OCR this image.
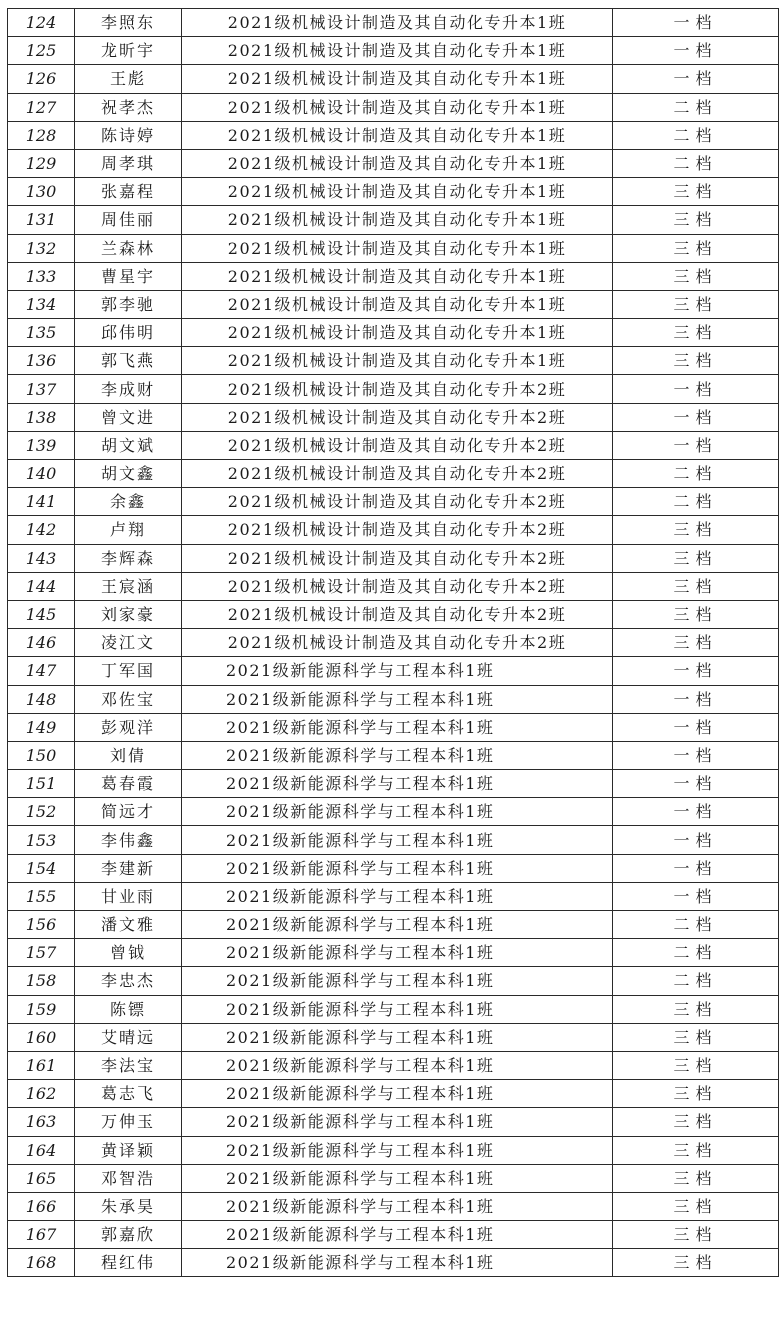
124	李照东	2021级机械设计制造及其自动化专升本1班	一档
125	龙昕宇	2021级机械设计制造及其自动化专升本1班	一档
126	王彪	2021级机械设计制造及其自动化专升本1班	一档
127	祝孝杰	2021级机械设计制造及其自动化专升本1班	二档
128	陈诗婷	2021级机械设计制造及其自动化专升本1班	二档
129	周孝琪	2021级机械设计制造及其自动化专升本1班	二档
130	张嘉程	2021级机械设计制造及其自动化专升本1班	三档
131	周佳丽	2021级机械设计制造及其自动化专升本1班	三档
132	兰森林	2021级机械设计制造及其自动化专升本1班	三档
133	曹星宇	2021级机械设计制造及其自动化专升本1班	三档
134	郭李驰	2021级机械设计制造及其自动化专升本1班	三档
135	邱伟明	2021级机械设计制造及其自动化专升本1班	三档
136	郭飞燕	2021级机械设计制造及其自动化专升本1班	三档
137	李成财	2021级机械设计制造及其自动化专升本2班	一档
138	曾文进	2021级机械设计制造及其自动化专升本2班	一档
139	胡文斌	2021级机械设计制造及其自动化专升本2班	一档
140	胡文鑫	2021级机械设计制造及其自动化专升本2班	二档
141	余鑫	2021级机械设计制造及其自动化专升本2班	二档
142	卢翔	2021级机械设计制造及其自动化专升本2班	三档
143	李辉森	2021级机械设计制造及其自动化专升本2班	三档
144	王宸涵	2021级机械设计制造及其自动化专升本2班	三档
145	刘家豪	2021级机械设计制造及其自动化专升本2班	三档
146	凌江文	2021级机械设计制造及其自动化专升本2班	三档
147	丁军国	2021级新能源科学与工程本科1班	一档
148	邓佐宝	2021级新能源科学与工程本科1班	一档
149	彭观洋	2021级新能源科学与工程本科1班	一档
150	刘倩	2021级新能源科学与工程本科1班	一档
151	葛春霞	2021级新能源科学与工程本科1班	一档
152	简远才	2021级新能源科学与工程本科1班	一档
153	李伟鑫	2021级新能源科学与工程本科1班	一档
154	李建新	2021级新能源科学与工程本科1班	一档
155	甘业雨	2021级新能源科学与工程本科1班	一档
156	潘文雅	2021级新能源科学与工程本科1班	二档
157	曾钺	2021级新能源科学与工程本科1班	二档
158	李忠杰	2021级新能源科学与工程本科1班	二档
159	陈镖	2021级新能源科学与工程本科1班	三档
160	艾晴远	2021级新能源科学与工程本科1班	三档
161	李法宝	2021级新能源科学与工程本科1班	三档
162	葛志飞	2021级新能源科学与工程本科1班	三档
163	万伸玉	2021级新能源科学与工程本科1班	三档
164	黄译颖	2021级新能源科学与工程本科1班	三档
165	邓智浩	2021级新能源科学与工程本科1班	三档
166	朱承昊	2021级新能源科学与工程本科1班	三档
167	郭嘉欣	2021级新能源科学与工程本科1班	三档
168	程红伟	2021级新能源科学与工程本科1班	三档
